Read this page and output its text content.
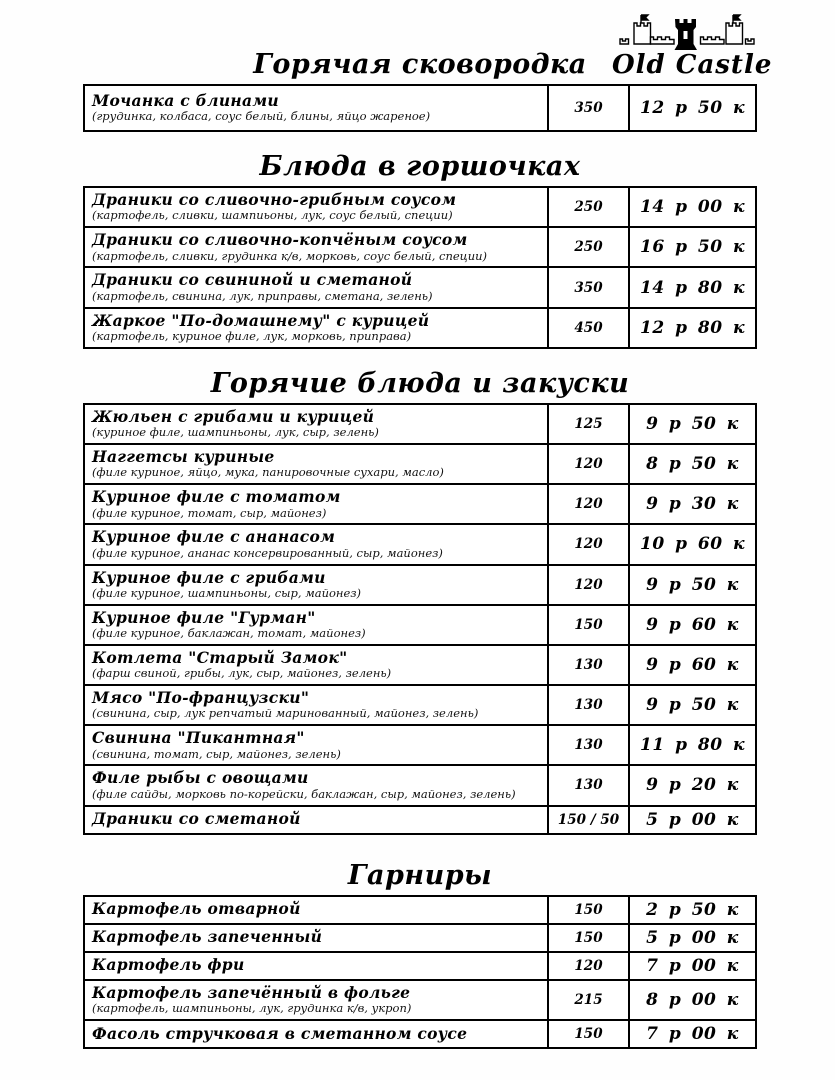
Old Castle
Горячая сковородка
Мочанка с блинами
(грудинка, колбаса, соус белый, блины, яйцо жареное)
350	12 р 50 к
Блюда в горшочках
Драники со сливочно-грибным соусом
(картофель, сливки, шампиьоны, лук, соус белый, специи)
250	14 р 00 к
Драники со сливочно-копчёным соусом
(картофель, сливки, грудинка к/в, морковь, соус белый, специи)
250	16 р 50 к
Драники со свининой и сметаной
(картофель, свинина, лук, приправы, сметана, зелень)
350	14 р 80 к
Жаркое "По-домашнему" с курицей
(картофель, куриное филе, лук, морковь, приправа)
450	12 р 80 к
Горячие блюда и закуски
Жюльен с грибами и курицей
(куриное филе, шампиньоны, лук, сыр, зелень)
125	9 р 50 к
Наггетсы куриные
(филе куриное, яйцо, мука, панировочные сухари, масло)
120	8 р 50 к
Куриное филе с томатом
(филе куриное, томат, сыр, майонез)
120	9 р 30 к
Куриное филе с ананасом
(филе куриное, ананас консервированный, сыр, майонез)
120	10 р 60 к
Куриное филе с грибами
(филе куриное, шампиньоны, сыр, майонез)
120	9 р 50 к
Куриное филе "Гурман"
(филе куриное, баклажан, томат, майонез)
150	9 р 60 к
Котлета "Старый Замок"
(фарш свиной, грибы, лук, сыр, майонез, зелень)
130	9 р 60 к
Мясо "По-французски"
(свинина, сыр, лук репчатый маринованный, майонез, зелень)
130	9 р 50 к
Свинина "Пикантная"
(свинина, томат, сыр, майонез, зелень)
130	11 р 80 к
Филе рыбы с овощами
(филе сайды, морковь по-корейски, баклажан, сыр, майонез, зелень)
130	9 р 20 к
Драники со сметаной	150 / 50	5 р 00 к
Гарниры
Картофель отварной	150	2 р 50 к
Картофель запеченный	150	5 р 00 к
Картофель фри	120	7 р 00 к
Картофель запечённый в фольге
(картофель, шампиньоны, лук, грудинка к/в, укроп)
215	8 р 00 к
Фасоль стручковая в сметанном соусе	150	7 р 00 к
